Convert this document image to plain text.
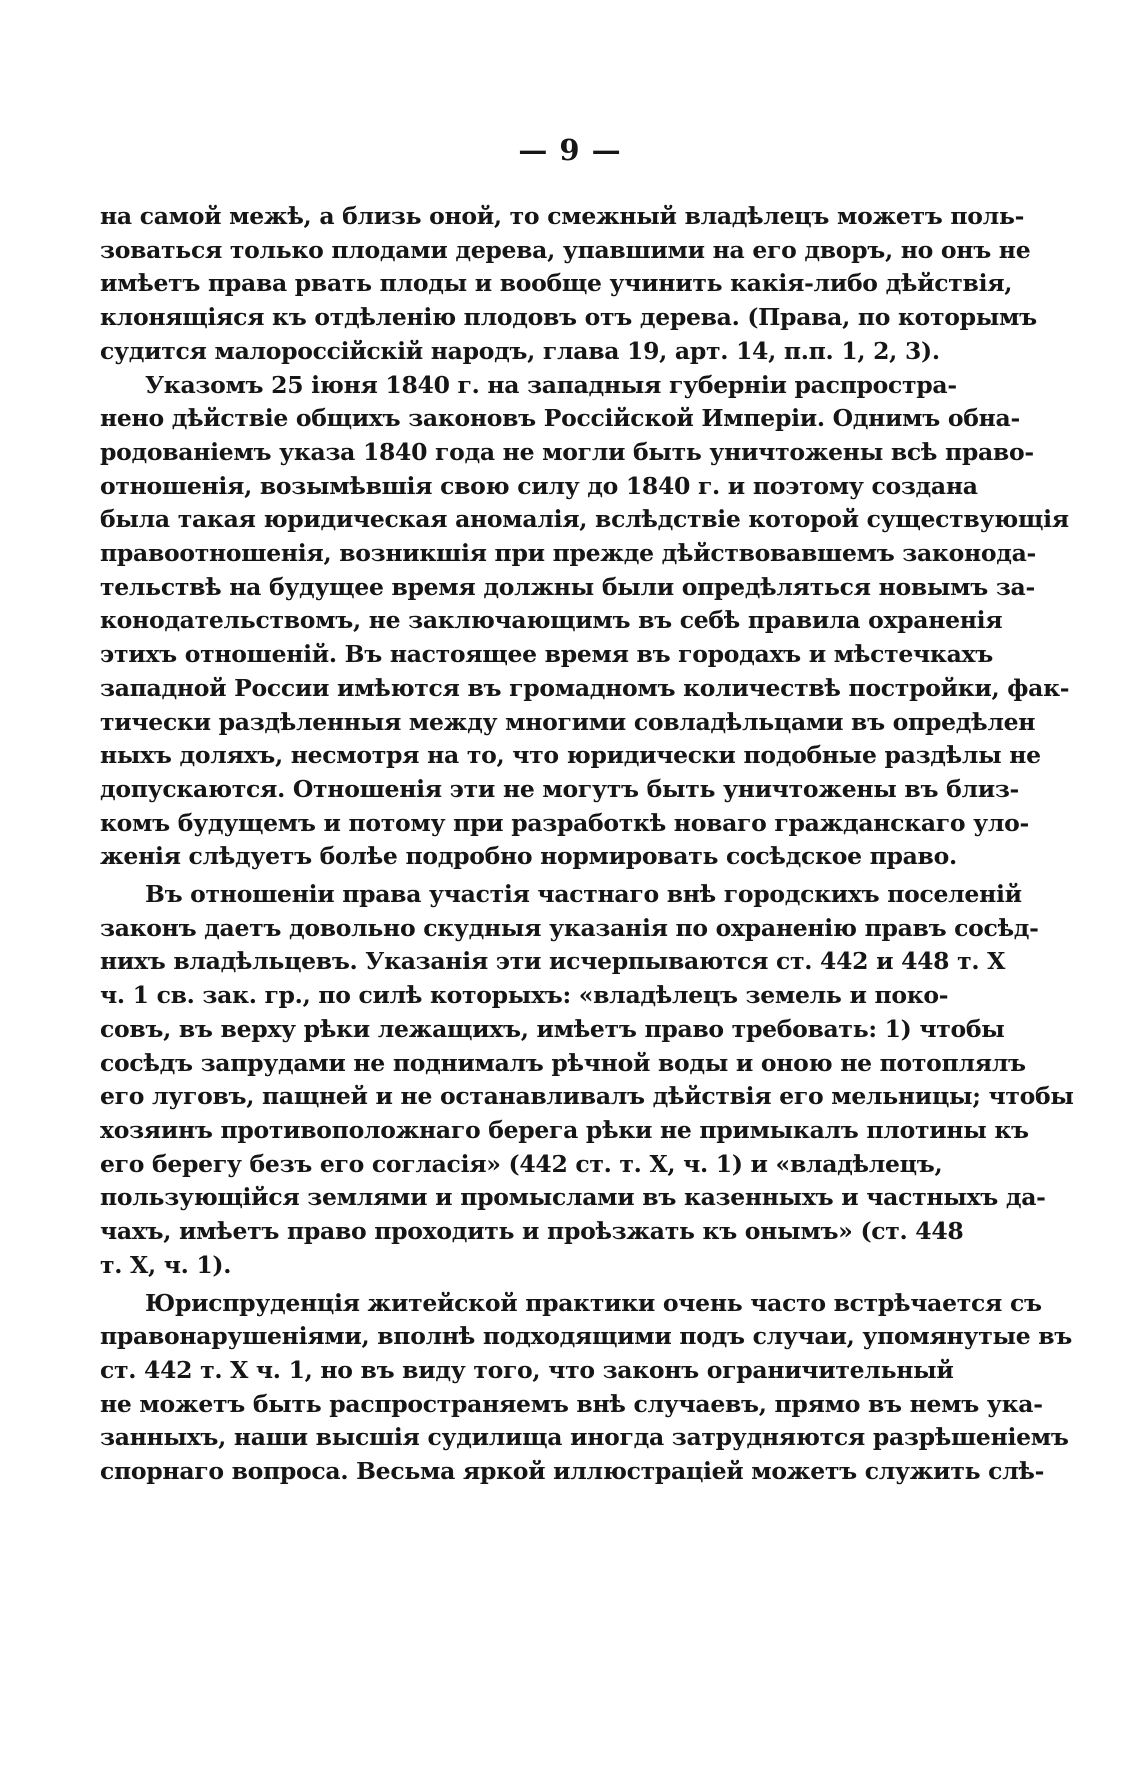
— 9 —

на самой межѣ, а близь оной, то смежный владѣлецъ можетъ поль-

зоваться только плодами дерева, упавшими на его дворъ, но онъ не

имѣетъ права рвать плоды и вообще учинить какія-либо дѣйствія,

клонящіяся къ отдѣленію плодовъ отъ дерева. (Права, по которымъ

судится малороссійскій народъ, глава 19, арт. 14, п.п. 1, 2, 3).

Указомъ 25 іюня 1840 г. на западныя губерніи распростра-

нено дѣйствіе общихъ законовъ Россійской Имперіи. Однимъ обна-

родованіемъ указа 1840 года не могли быть уничтожены всѣ право-

отношенія, возымѣвшія свою силу до 1840 г. и поэтому создана

была такая юридическая аномалія, вслѣдствіе которой существующія

правоотношенія, возникшія при прежде дѣйствовавшемъ законода-

тельствѣ на будущее время должны были опредѣляться новымъ за-

конодательствомъ, не заключающимъ въ себѣ правила охраненія

этихъ отношеній. Въ настоящее время въ городахъ и мѣстечкахъ

западной России имѣются въ громадномъ количествѣ постройки, фак-

тически раздѣленныя между многими совладѣльцами въ опредѣлен

ныхъ доляхъ, несмотря на то, что юридически подобные раздѣлы не

допускаются. Отношенія эти не могутъ быть уничтожены въ близ-

комъ будущемъ и потому при разработкѣ новаго гражданскаго уло-

женія слѣдуетъ болѣе подробно нормировать сосѣдское право.

Въ отношеніи права участія частнаго внѣ городскихъ поселеній

законъ даетъ довольно скудныя указанія по охраненію правъ сосѣд-

нихъ владѣльцевъ. Указанія эти исчерпываются ст. 442 и 448 т. X

ч. 1 св. зак. гр., по силѣ которыхъ: «владѣлецъ земель и поко-

совъ, въ верху рѣки лежащихъ, имѣетъ право требовать: 1) чтобы

сосѣдъ запрудами не поднималъ рѣчной воды и оною не потоплялъ

его луговъ, пащней и не останавливалъ дѣйствія его мельницы; чтобы

хозяинъ противоположнаго берега рѣки не примыкалъ плотины къ

его берегу безъ его согласія» (442 ст. т. X, ч. 1) и «владѣлецъ,

пользующійся землями и промыслами въ казенныхъ и частныхъ да-

чахъ, имѣетъ право проходить и проѣзжать къ онымъ» (ст. 448

т. X, ч. 1).

Юриспруденція житейской практики очень часто встрѣчается съ

правонарушеніями, вполнѣ подходящими подъ случаи, упомянутые въ

ст. 442 т. X ч. 1, но въ виду того, что законъ ограничительный

не можетъ быть распространяемъ внѣ случаевъ, прямо въ немъ ука-

занныхъ, наши высшія судилища иногда затрудняются разрѣшеніемъ

спорнаго вопроса. Весьма яркой иллюстраціей можетъ служить слѣ-
